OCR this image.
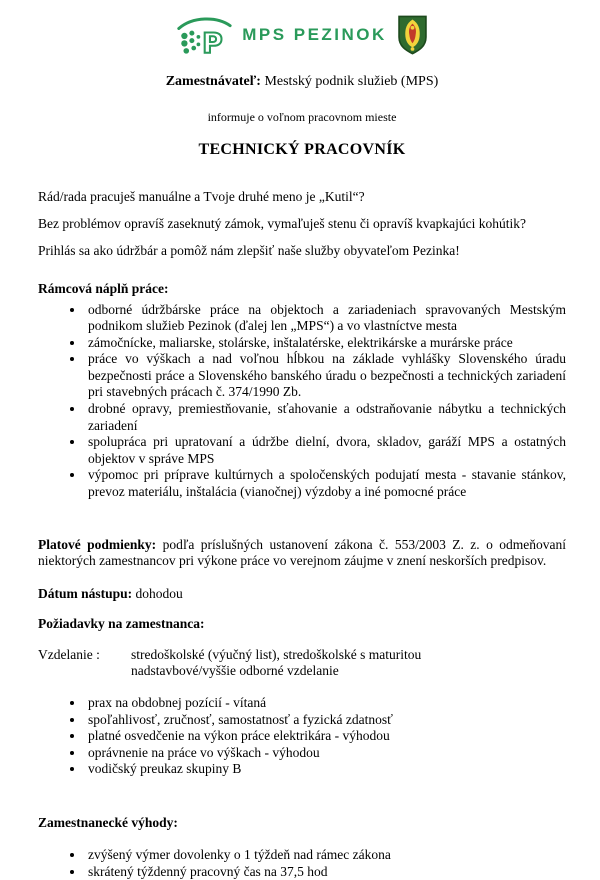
P MPS PEZINOK

Zamestnávateľ: Mestský podnik služieb (MPS)

informuje o voľnom pracovnom mieste

TECHNICKÝ PRACOVNÍK

Rád/rada pracuješ manuálne a Tvoje druhé meno je „Kutil“?

Bez problémov opravíš zaseknutý zámok, vymaľuješ stenu či opravíš kvapkajúci kohútik?

Prihlás sa ako údržbár a pomôž nám zlepšiť naše služby obyvateľom Pezinka!

Rámcová náplň práce:

• odborné údržbárske práce na objektoch a zariadeniach spravovaných Mestským podnikom služieb Pezinok (ďalej len „MPS“) a vo vlastníctve mesta
• zámočnícke, maliarske, stolárske, inštalatérske, elektrikárske a murárske práce
• práce vo výškach a nad voľnou hĺbkou na základe vyhlášky Slovenského úradu bezpečnosti práce a Slovenského banského úradu o bezpečnosti a technických zariadení pri stavebných prácach č. 374/1990 Zb.
• drobné opravy, premiestňovanie, sťahovanie a odstraňovanie nábytku a technických zariadení
• spolupráca pri upratovaní a údržbe dielní, dvora, skladov, garáží MPS a ostatných objektov v správe MPS
• výpomoc pri príprave kultúrnych a spoločenských podujatí mesta - stavanie stánkov, prevoz materiálu, inštalácia (vianočnej) výzdoby a iné pomocné práce

Platové podmienky: podľa príslušných ustanovení zákona č. 553/2003 Z. z. o odmeňovaní niektorých zamestnancov pri výkone práce vo verejnom záujme v znení neskorších predpisov.

Dátum nástupu: dohodou

Požiadavky na zamestnanca:

Vzdelanie :	stredoškolské (výučný list), stredoškolské s maturitou
nadstavbové/vyššie odborné vzdelanie
• prax na obdobnej pozícií - vítaná
• spoľahlivosť, zručnosť, samostatnosť a fyzická zdatnosť
• platné osvedčenie na výkon práce elektrikára - výhodou
• oprávnenie na práce vo výškach - výhodou
• vodičský preukaz skupiny B

Zamestnanecké výhody:

• zvýšený výmer dovolenky o 1 týždeň nad rámec zákona
• skrátený týždenný pracovný čas na 37,5 hod
